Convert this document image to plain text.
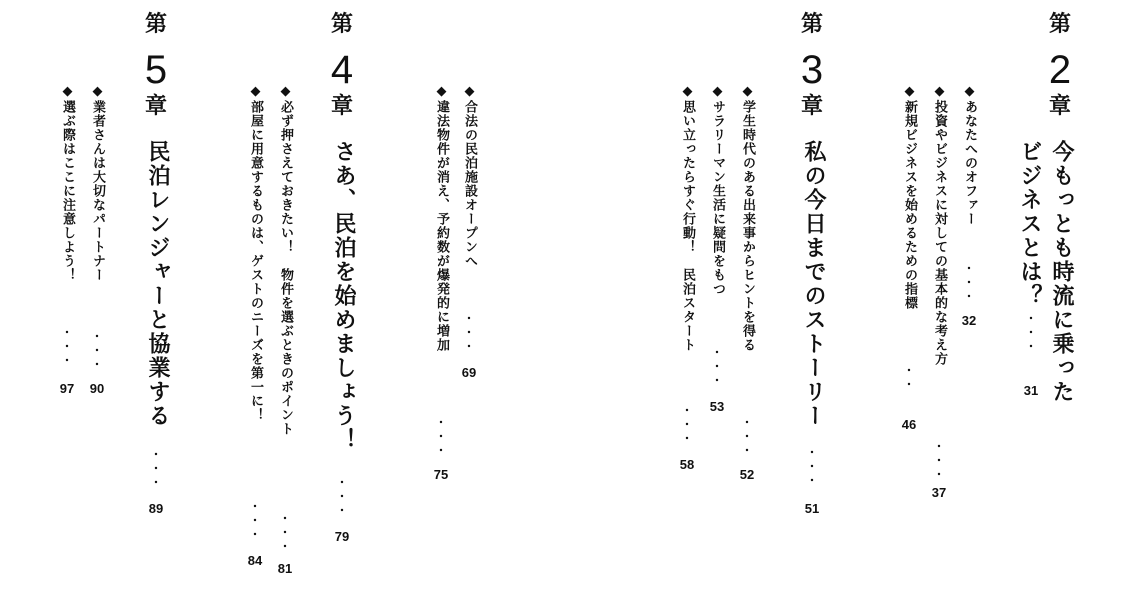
第
2
章
今もっとも時流に乗った
ビジネスとは？
・
・
・
31
◆あなたへのオファー
・
・
・
32
◆投資やビジネスに対しての基本的な考え方
・
・
・
37
◆新規ビジネスを始めるための指標
・
・
46
第
3
章
私の今日までのストーリー
・
・
・
51
◆学生時代のある出来事からヒントを得る
・
・
・
52
◆サラリーマン生活に疑問をもつ
・
・
・
53
◆思い立ったらすぐ行動！　民泊スタート
・
・
・
58
◆合法の民泊施設オープンへ
・
・
・
69
◆違法物件が消え、予約数が爆発的に増加
・
・
・
75
第
4
章
さあ、民泊を始めましょう！
・
・
・
79
◆必ず押さえておきたい！　物件を選ぶときのポイント
・
・
・
81
◆部屋に用意するものは、ゲストのニーズを第一に！
・
・
・
84
第
5
章
民泊レンジャーと協業する
・
・
・
89
◆業者さんは大切なパートナー
・
・
・
90
◆選ぶ際はここに注意しよう！
・
・
・
97
